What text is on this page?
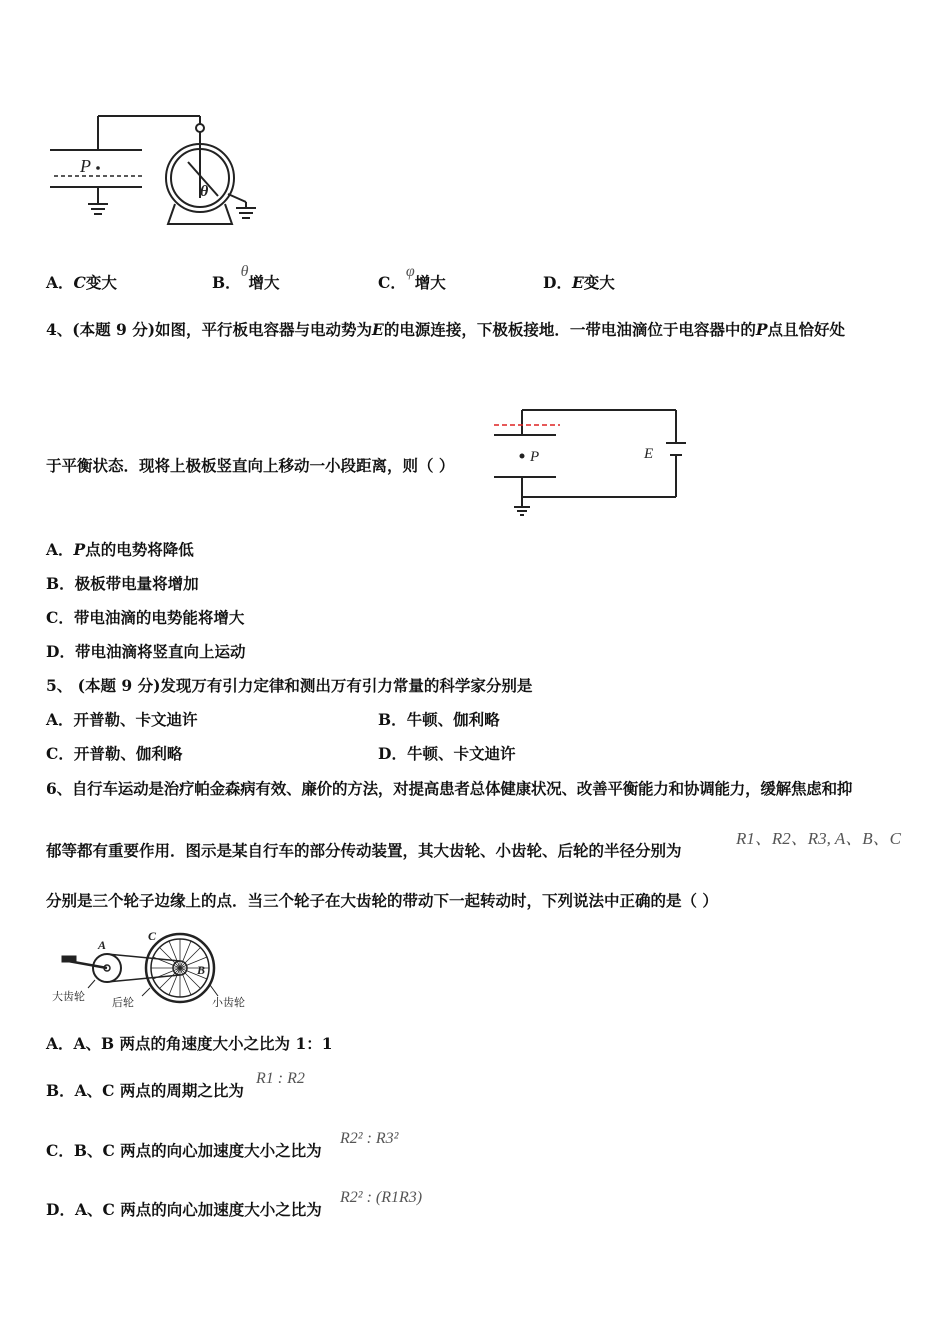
P
θ
A．C变大	B．θ增大	C．φ增大	D．E变大
4、(本题 9 分)如图，平行板电容器与电动势为E的电源连接，下极板接地．一带电油滴位于电容器中的P点且恰好处
于平衡状态．现将上极板竖直向上移动一小段距离，则（ ）	P	E
A．P点的电势将降低
B．极板带电量将增加
C．带电油滴的电势能将增大
D．带电油滴将竖直向上运动
5、 (本题 9 分)发现万有引力定律和测出万有引力常量的科学家分别是
A．开普勒、卡文迪许	B．牛顿、伽利略
C．开普勒、伽利略	D．牛顿、卡文迪许
6、自行车运动是治疗帕金森病有效、廉价的方法，对提高患者总体健康状况、改善平衡能力和协调能力，缓解焦虑和抑
郁等都有重要作用．图示是某自行车的部分传动装置，其大齿轮、小齿轮、后轮的半径分别为
R1、R2、R3, A、B、C
分别是三个轮子边缘上的点．当三个轮子在大齿轮的带动下一起转动时，下列说法中正确的是（ ）
A
C
B
大齿轮 后轮	小齿轮
A．A、B 两点的角速度大小之比为 1：1
B．A、C 两点的周期之比为
R1 : R2
C．B、C 两点的向心加速度大小之比为
R2² : R3²
D．A、C 两点的向心加速度大小之比为
R2² : (R1R3)
